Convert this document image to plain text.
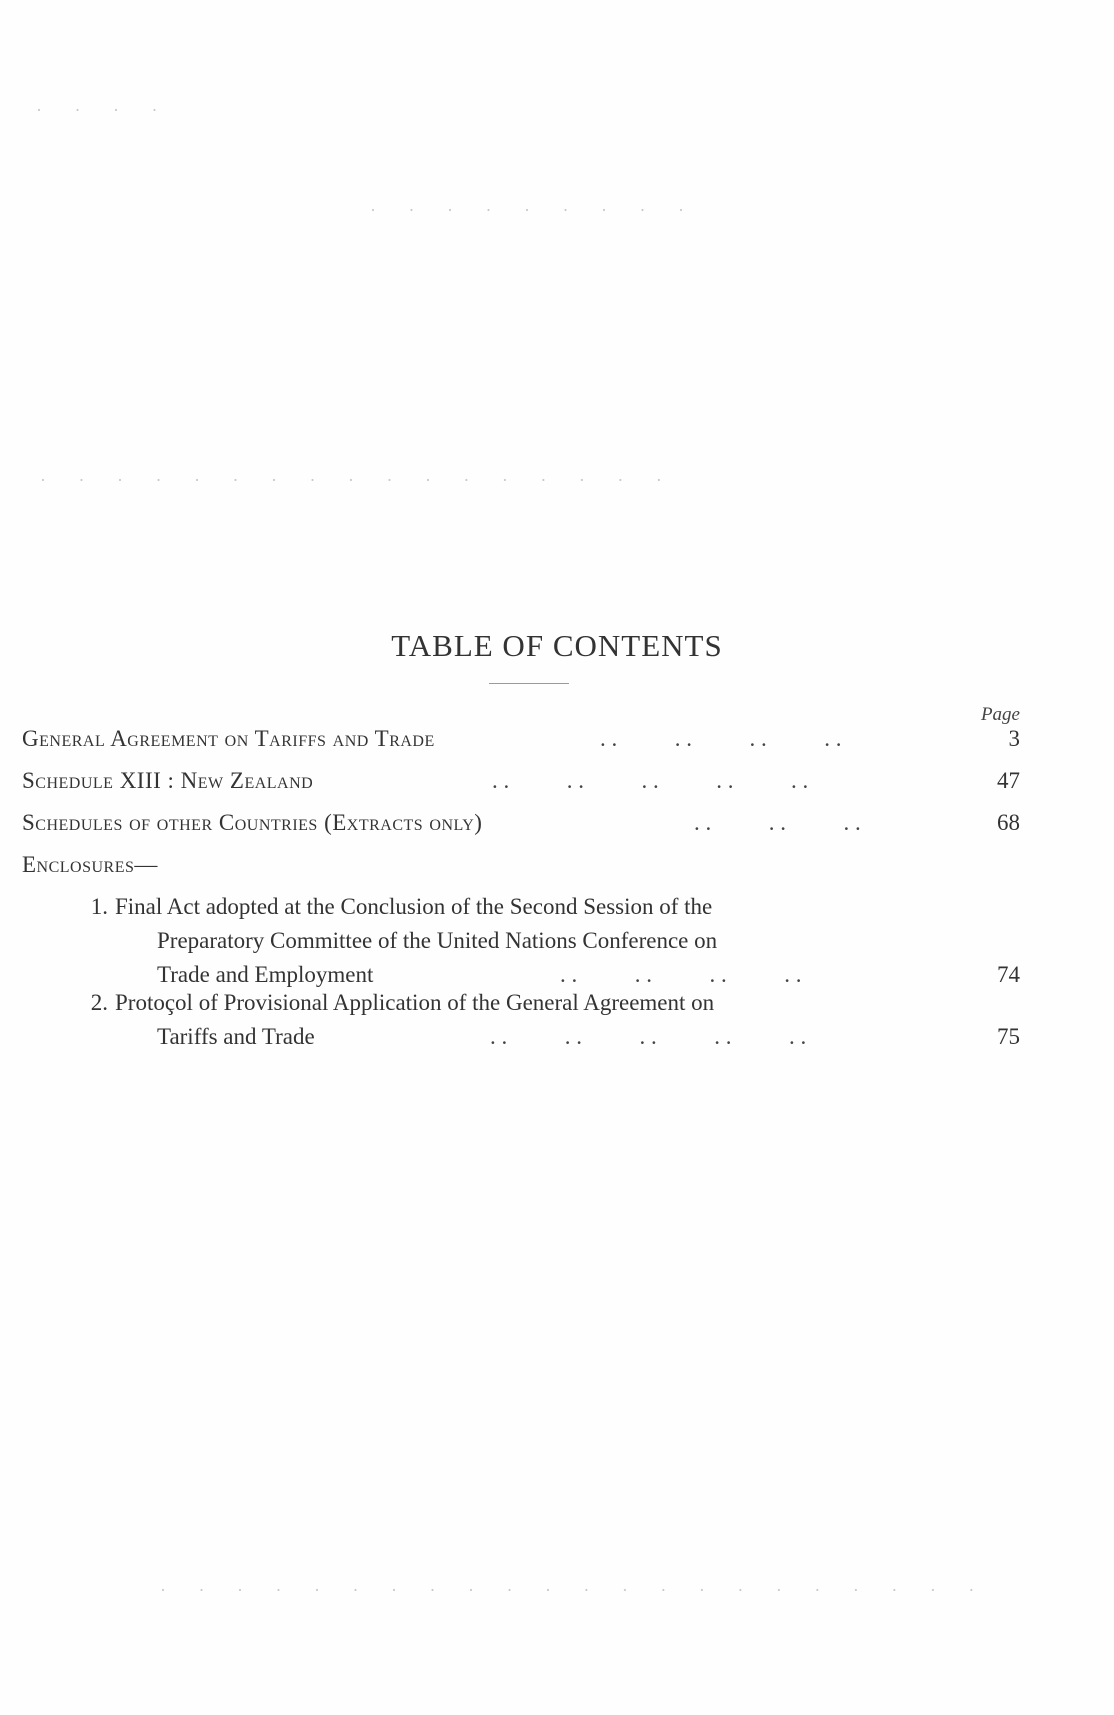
· · · ·
· · · · · · · · ·
· · · · · · · · · · · · · · · · ·
· · · · · · · · · · · · · · · · · · · · · ·
TABLE OF CONTENTS
Page
General Agreement on Tariffs and Trade	. .          . .          . .          . .	3
Schedule XIII : New Zealand	. .          . .          . .          . .          . .	47
Schedules of other Countries (Extracts only)	. .          . .          . .	68
Enclosures—
1. Final Act adopted at the Conclusion of the Second Session of the
Preparatory Committee of the United Nations Conference on
Trade and Employment	. .          . .          . .          . .	74
2. Protoçol of Provisional Application of the General Agreement on
Tariffs and Trade	. .          . .          . .          . .          . .	75
